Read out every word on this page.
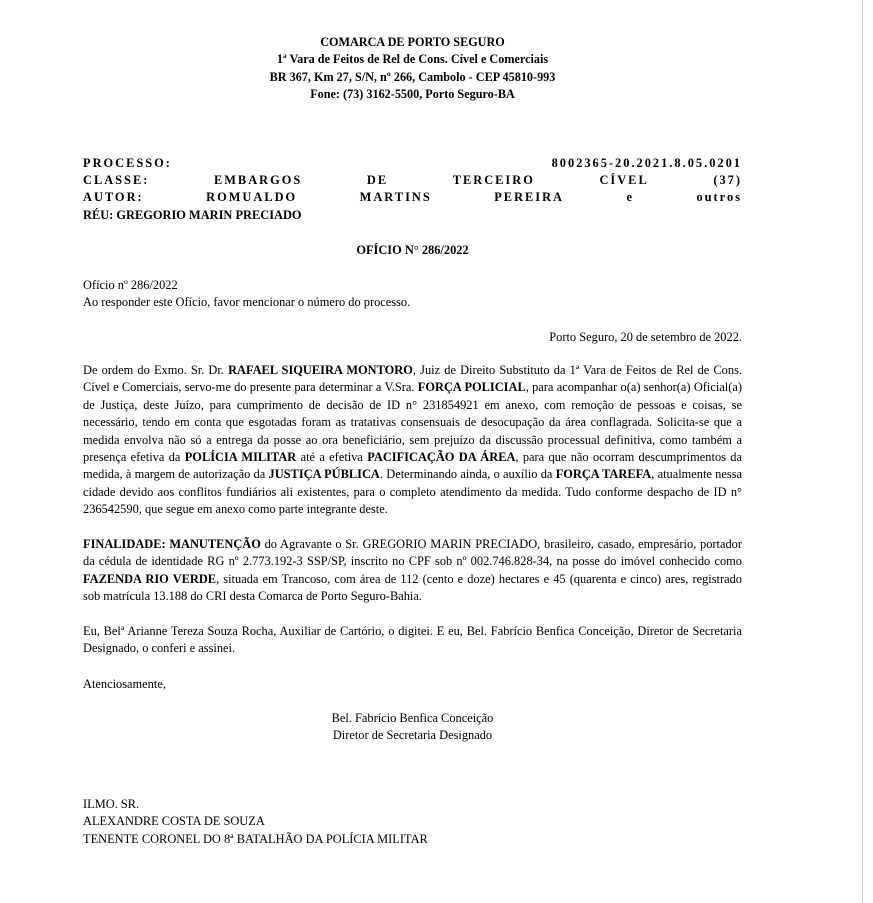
COMARCA DE PORTO SEGURO
1ª Vara de Feitos de Rel de Cons. Cível e Comerciais
BR 367, Km 27, S/N, nº 266, Cambolo - CEP 45810-993
Fone: (73) 3162-5500, Porto Seguro-BA
PROCESSO:	8002365-20.2021.8.05.0201
CLASSE:	EMBARGOS	DE	TERCEIRO	CÍVEL	(37)
AUTOR:	ROMUALDO	MARTINS	PEREIRA	e	outros
RÉU: GREGORIO MARIN PRECIADO
OFÍCIO N° 286/2022
Ofício nº 286/2022
Ao responder este Ofício, favor mencionar o número do processo.
Porto Seguro, 20 de setembro de 2022.
De ordem do Exmo. Sr. Dr. RAFAEL SIQUEIRA MONTORO, Juiz de Direito Substituto da 1ª Vara de Feitos de Rel de Cons. Cível e Comerciais, servo-me do presente para determinar a V.Sra. FORÇA POLICIAL, para acompanhar o(a) senhor(a) Oficial(a) de Justiça, deste Juízo, para cumprimento de decisão de ID n° 231854921 em anexo, com remoção de pessoas e coisas, se necessário, tendo em conta que esgotadas foram as tratativas consensuais de desocupação da área conflagrada. Solicita-se que a medida envolva não só a entrega da posse ao ora beneficiário, sem prejuízo da discussão processual definitiva, como também a presença efetiva da POLÍCIA MILITAR até a efetiva PACIFICAÇÃO DA ÁREA, para que não ocorram descumprimentos da medida, à margem de autorização da JUSTIÇA PÚBLICA. Determinando ainda, o auxílio da FORÇA TAREFA, atualmente nessa cidade devido aos conflitos fundiários ali existentes, para o completo atendimento da medida. Tudo conforme despacho de ID n° 236542590, que segue em anexo como parte integrante deste.
FINALIDADE: MANUTENÇÃO do Agravante o Sr. GREGORIO MARIN PRECIADO, brasileiro, casado, empresário, portador da cédula de identidade RG nº 2.773.192-3 SSP/SP, inscrito no CPF sob nº 002.746.828-34, na posse do imóvel conhecido como FAZENDA RIO VERDE, situada em Trancoso, com área de 112 (cento e doze) hectares e 45 (quarenta e cinco) ares, registrado sob matrícula 13.188 do CRI desta Comarca de Porto Seguro-Bahia.
Eu, Belª Arianne Tereza Souza Rocha, Auxiliar de Cartório, o digitei. E eu, Bel. Fabrício Benfica Conceição, Diretor de Secretaria Designado, o conferi e assinei.
Atenciosamente,
Bel. Fabrício Benfica Conceição
Diretor de Secretaria Designado
ILMO. SR.
ALEXANDRE COSTA DE SOUZA
TENENTE CORONEL DO 8ª BATALHÃO DA POLÍCIA MILITAR
